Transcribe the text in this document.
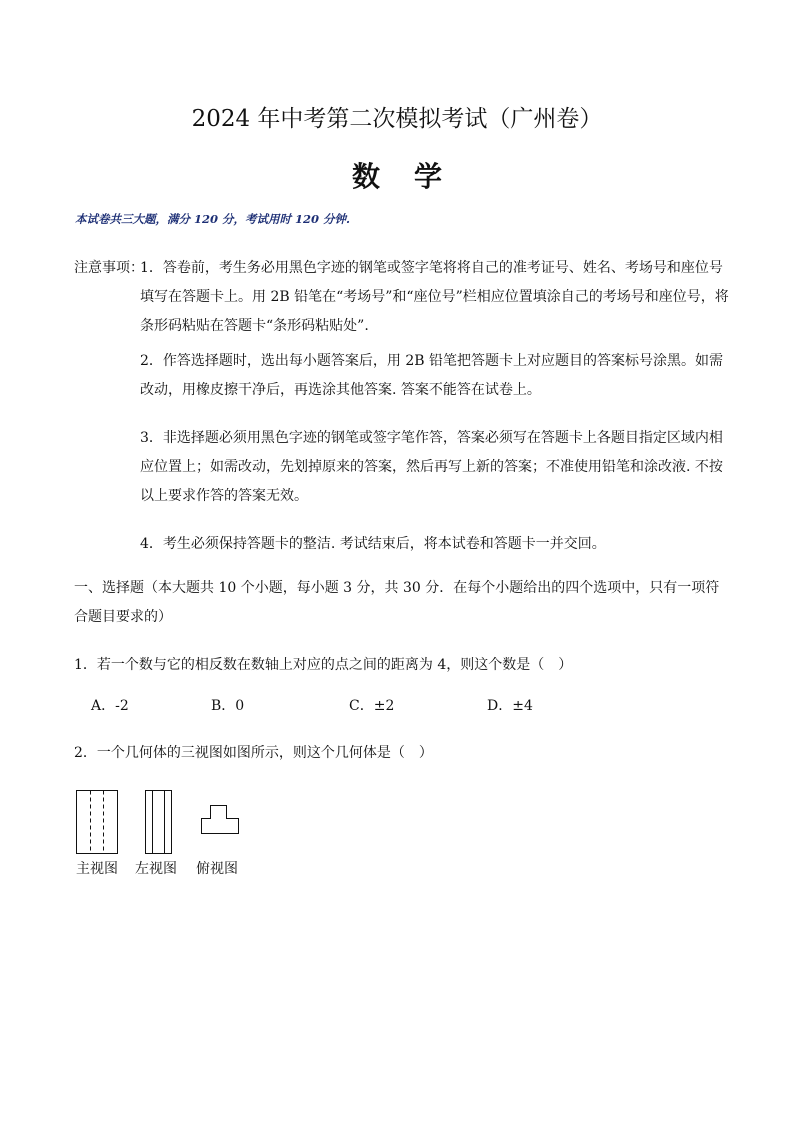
2024 年中考第二次模拟考试（广州卷）
数学
本试卷共三大题，满分 120 分，考试用时 120 分钟.
注意事项：
1．答卷前，考生务必用黑色字迹的钢笔或签字笔将将自己的准考证号、姓名、考场号和座位号填写在答题卡上。用 2B 铅笔在“考场号”和“座位号”栏相应位置填涂自己的考场号和座位号，将条形码粘贴在答题卡“条形码粘贴处”.
2．作答选择题时，选出每小题答案后，用 2B 铅笔把答题卡上对应题目的答案标号涂黑。如需改动，用橡皮擦干净后，再选涂其他答案. 答案不能答在试卷上。
3．非选择题必须用黑色字迹的钢笔或签字笔作答，答案必须写在答题卡上各题目指定区域内相应位置上；如需改动，先划掉原来的答案，然后再写上新的答案；不准使用铅笔和涂改液. 不按以上要求作答的答案无效。
4．考生必须保持答题卡的整洁. 考试结束后，将本试卷和答题卡一并交回。
一、选择题（本大题共 10 个小题，每小题 3 分，共 30 分．在每个小题给出的四个选项中，只有一项符合题目要求的）
1．若一个数与它的相反数在数轴上对应的点之间的距离为 4，则这个数是（　）
A．-2	B．0	C．±2	D．±4
2．一个几何体的三视图如图所示，则这个几何体是（　）
主视图 左视图 俯视图
